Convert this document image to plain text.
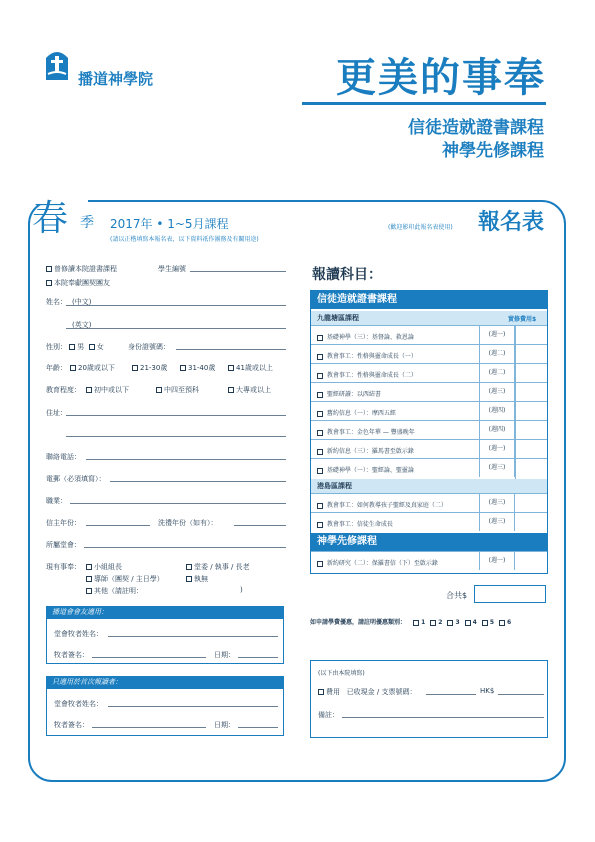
播道神學院	更美的事奉
信徒造就證書課程
神學先修課程
春 季 2017年 • 1~5月課程
(請以正楷填寫本報名表，以下資料祇作團務及有關用途)
(歡迎影印此報名表使用) 報名表
曾修讀本院證書課程	學生編號
本院奉獻團契團友
姓名： (中文)
(英文)
性別： 男 女	身份證號碼：
年齡：	20歲或以下	21-30歲	31-40歲	41歲或以上
教育程度：	初中或以下	中四至預科	大專或以上
住址：
聯絡電話：
電郵（必須填寫）：
職業：
信主年份：	洗禮年份（如有）：
所屬堂會：
現有事奉：	小組組長	堂委 / 執事 / 長老
導師（團契 / 主日學）	執無
其他（請註明：	)
播道會會友適用：
堂會牧者姓名：
牧者簽名：	日期：
只適用於首次報讀者：
堂會牧者姓名：
牧者簽名：	日期：
報讀科目：
信徒造就證書課程
九龍塘區課程
基礎神學（三）：基督論、救恩論	(週一)
教會事工：性格與靈命成長（一）	(週二)
教會事工：性格與靈命成長（二）	(週二)
聖經研讀：以西結書	(週三)
舊約信息（一）：摩西五經	(週四)
教會事工：金色年華 — 豐盛晚年	(週四)
新約信息（三）：羅馬書至啟示錄	(週一)
基礎神學（一）：聖經論、聖靈論	(週三)
港島區課程
教會事工：如何教導孩子聖經及真家庭（二）	(週三)
教會事工：信徒生命成長	(週三)
神學先修課程
新約研究（二）：保羅書信（下）至啟示錄	(週一)
實修費用$
合共$
如申請學費優惠，請註明優惠類別：	1 2 3 4 5 6
(以下由本院填寫)
費用 已收現金 / 支票號碼：	HK$
備註：
